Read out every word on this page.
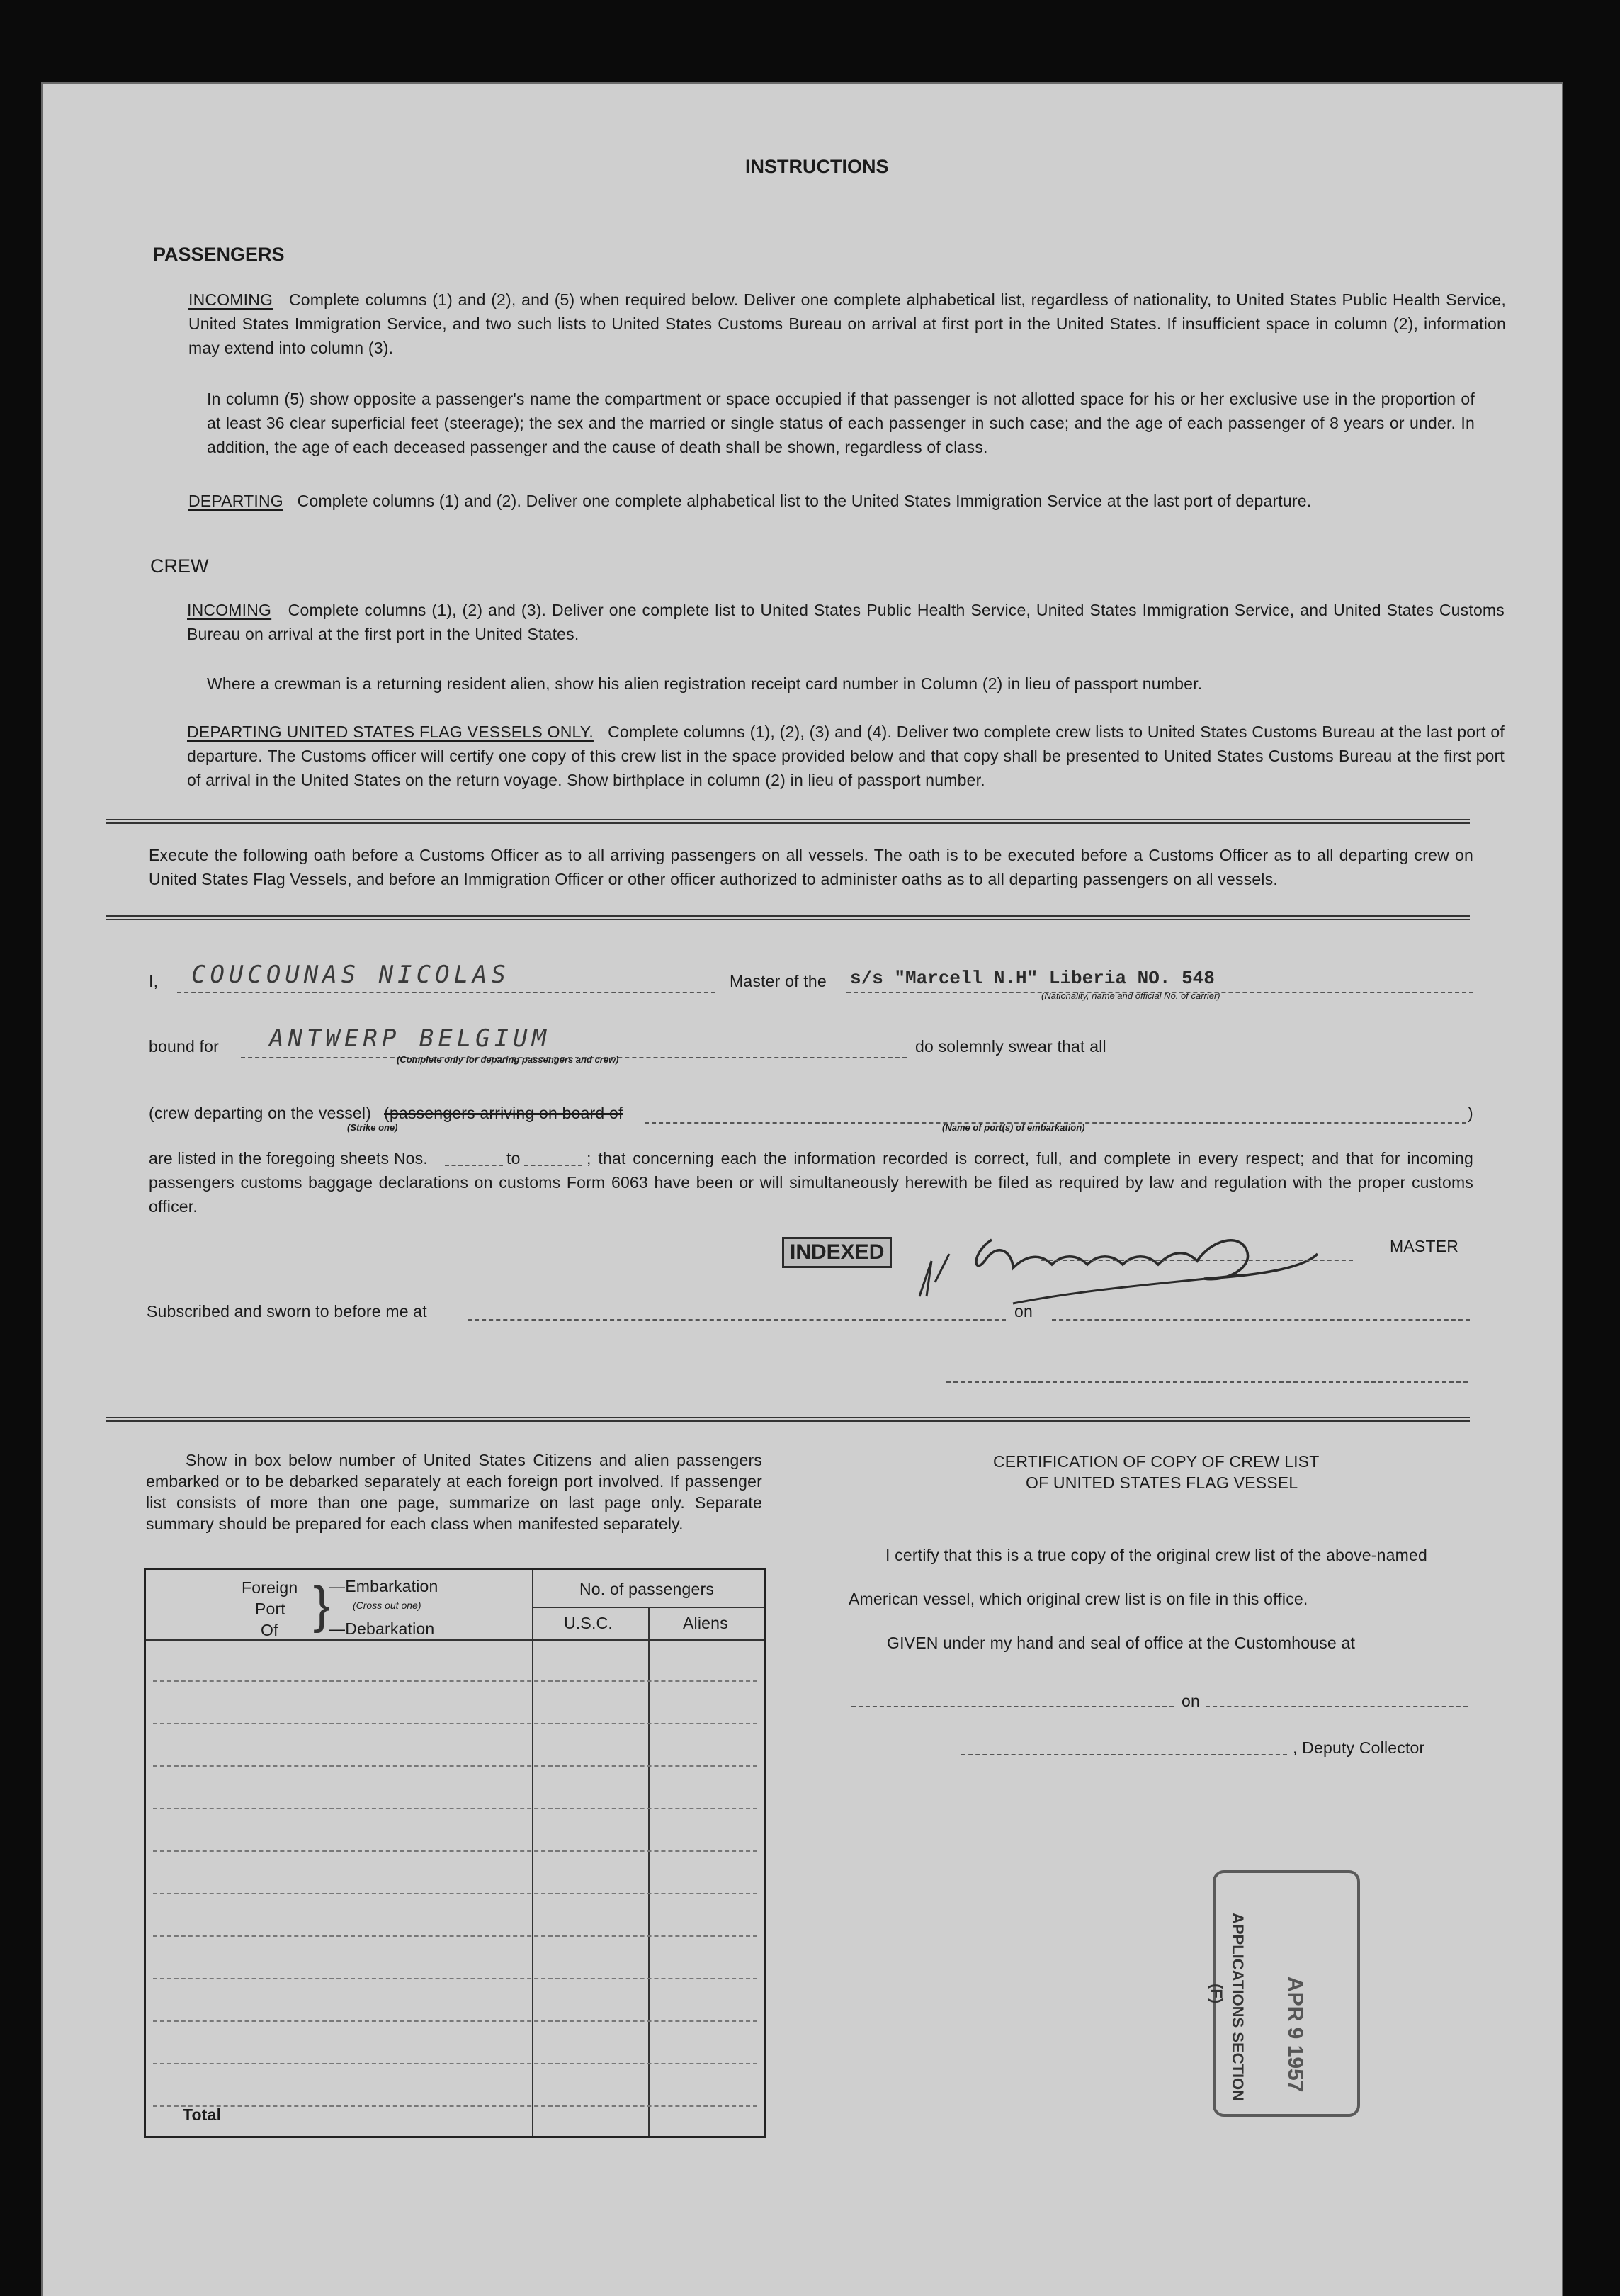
INSTRUCTIONS
PASSENGERS
INCOMING Complete columns (1) and (2), and (5) when required below. Deliver one complete alphabetical list, regardless of nationality, to United States Public Health Service, United States Immigration Service, and two such lists to United States Customs Bureau on arrival at first port in the United States. If insufficient space in column (2), information may extend into column (3).
In column (5) show opposite a passenger's name the compartment or space occupied if that passenger is not allotted space for his or her exclusive use in the proportion of at least 36 clear superficial feet (steerage); the sex and the married or single status of each passenger in such case; and the age of each passenger of 8 years or under. In addition, the age of each deceased passenger and the cause of death shall be shown, regardless of class.
DEPARTING Complete columns (1) and (2). Deliver one complete alphabetical list to the United States Immigration Service at the last port of departure.
CREW
INCOMING Complete columns (1), (2) and (3). Deliver one complete list to United States Public Health Service, United States Immigration Service, and United States Customs Bureau on arrival at the first port in the United States.
Where a crewman is a returning resident alien, show his alien registration receipt card number in Column (2) in lieu of passport number.
DEPARTING UNITED STATES FLAG VESSELS ONLY. Complete columns (1), (2), (3) and (4). Deliver two complete crew lists to United States Customs Bureau at the last port of departure. The Customs officer will certify one copy of this crew list in the space provided below and that copy shall be presented to United States Customs Bureau at the first port of arrival in the United States on the return voyage. Show birthplace in column (2) in lieu of passport number.
Execute the following oath before a Customs Officer as to all arriving passengers on all vessels. The oath is to be executed before a Customs Officer as to all departing crew on United States Flag Vessels, and before an Immigration Officer or other officer authorized to administer oaths as to all departing passengers on all vessels.
I, COUCOUNAS NICOLAS	Master of the s/s "Marcell N.H" Liberia NO. 548
(Nationality, name and official No. of carrier)
bound for ANTWERP BELGIUM
(Complete only for deparing passengers and crew)
do solemnly swear that all
(crew departing on the vessel) (passengers arriving on board of	)
(Strike one)	(Name of port(s) of embarkation)
are listed in the foregoing sheets Nos.	to	; that concerning each the information recorded is correct, full, and complete in every respect; and that for incoming passengers customs baggage declarations on customs Form 6063 have been or will simultaneously herewith be filed as required by law and regulation with the proper customs officer.
INDEXED	MASTER
Subscribed and sworn to before me at	on
Show in box below number of United States Citizens and alien passengers embarked or to be debarked separately at each foreign port involved. If passenger list consists of more than one page, summarize on last page only. Separate summary should be prepared for each class when manifested separately.
Foreign
Port
Of }
—Embarkation
(Cross out one)
—Debarkation
No. of passengers
U.S.C.	Aliens
Total
CERTIFICATION OF COPY OF CREW LIST
OF UNITED STATES FLAG VESSEL
I certify that this is a true copy of the original crew list of the above-named
American vessel, which original crew list is on file in this office.
GIVEN under my hand and seal of office at the Customhouse at
on
, Deputy Collector
APR 9 1957
APPLICATIONS SECTION
(F)
